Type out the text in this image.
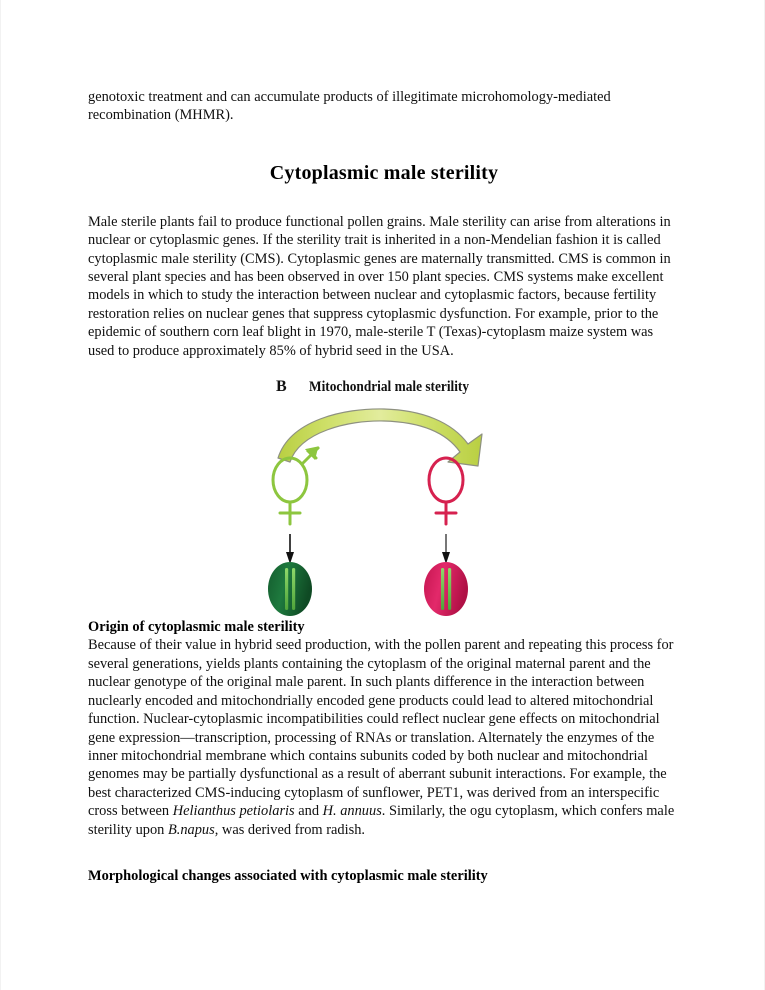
genotoxic treatment and can accumulate products of illegitimate microhomology-mediated recombination (MHMR).

Cytoplasmic male sterility

Male sterile plants fail to produce functional pollen grains. Male sterility can arise from alterations in nuclear or cytoplasmic genes. If the sterility trait is inherited in a non-Mendelian fashion it is called cytoplasmic male sterility (CMS). Cytoplasmic genes are maternally transmitted. CMS is common in several plant species and has been observed in over 150 plant species. CMS systems make excellent models in which to study the interaction between nuclear and cytoplasmic factors, because fertility restoration relies on nuclear genes that suppress cytoplasmic dysfunction. For example, prior to the epidemic of southern corn leaf blight in 1970, male-sterile T (Texas)-cytoplasm maize system was used to produce approximately 85% of hybrid seed in the USA.

B Mitochondrial male sterility
Origin of cytoplasmic male sterility

Because of their value in hybrid seed production, with the pollen parent and repeating this process for several generations, yields plants containing the cytoplasm of the original maternal parent and the nuclear genotype of the original male parent. In such plants difference in the interaction between nuclearly encoded and mitochondrially encoded gene products could lead to altered mitochondrial function. Nuclear-cytoplasmic incompatibilities could reflect nuclear gene effects on mitochondrial gene expression—transcription, processing of RNAs or translation. Alternately the enzymes of the inner mitochondrial membrane which contains subunits coded by both nuclear and mitochondrial genomes may be partially dysfunctional as a result of aberrant subunit interactions. For example, the best characterized CMS-inducing cytoplasm of sunflower, PET1, was derived from an interspecific cross between Helianthus petiolaris and H. annuus. Similarly, the ogu cytoplasm, which confers male sterility upon B.napus, was derived from radish.

Morphological changes associated with cytoplasmic male sterility
